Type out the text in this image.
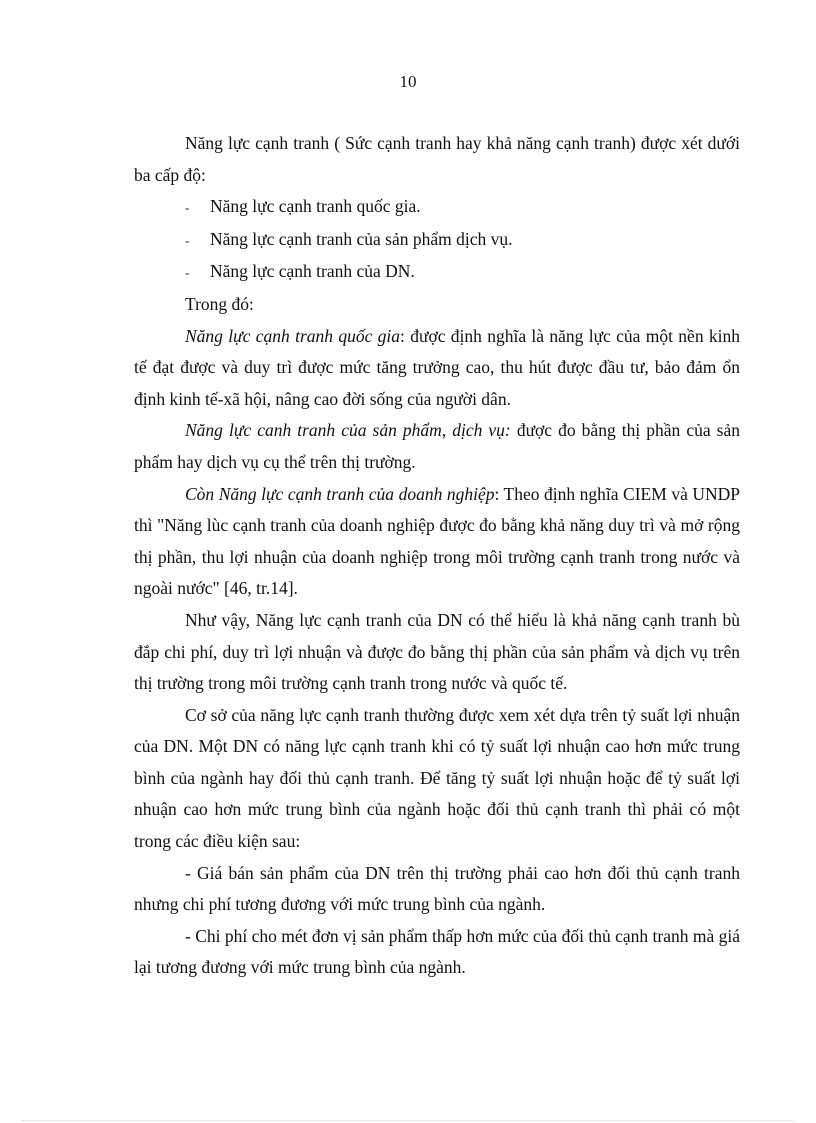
10

Năng lực cạnh tranh ( Sức cạnh tranh hay khả năng cạnh tranh) được xét dưới ba cấp độ:

- Năng lực cạnh tranh quốc gia.

- Năng lực cạnh tranh của sản phẩm dịch vụ.

- Năng lực cạnh tranh của DN.

Trong đó:

Năng lực cạnh tranh quốc gia: được định nghĩa là năng lực của một nền kinh tế đạt được và duy trì được mức tăng trưởng cao, thu hút được đầu tư, bảo đảm ổn định kinh tế-xã hội, nâng cao đời sống của người dân.

Năng lực canh tranh của sản phẩm, dịch vụ: được đo bằng thị phần của sản phẩm hay dịch vụ cụ thể trên thị trường.

Còn Năng lực cạnh tranh của doanh nghiệp: Theo định nghĩa CIEM và UNDP thì "Năng lùc cạnh tranh của doanh nghiệp được đo bằng khả năng duy trì và mở rộng thị phần, thu lợi nhuận của doanh nghiệp trong môi trường cạnh tranh trong nước và ngoài nước" [46, tr.14].

Như vậy, Năng lực cạnh tranh của DN có thể hiểu là khả năng cạnh tranh bù đắp chi phí, duy trì lợi nhuận và được đo bằng thị phần của sản phẩm và dịch vụ trên thị trường trong môi trường cạnh tranh trong nước và quốc tế.

Cơ sở của năng lực cạnh tranh thường được xem xét dựa trên tỷ suất lợi nhuận của DN. Một DN có năng lực cạnh tranh khi có tỷ suất lợi nhuận cao hơn mức trung bình của ngành hay đối thủ cạnh tranh. Để tăng tỷ suất lợi nhuận hoặc để tỷ suất lợi nhuận cao hơn mức trung bình của ngành hoặc đối thủ cạnh tranh thì phải có một trong các điều kiện sau:

- Giá bán sản phẩm của DN trên thị trường phải cao hơn đối thủ cạnh tranh nhưng chi phí tương đương với mức trung bình của ngành.

- Chi phí cho mét đơn vị sản phẩm thấp hơn mức của đối thủ cạnh tranh mà giá lại tương đương với mức trung bình của ngành.
